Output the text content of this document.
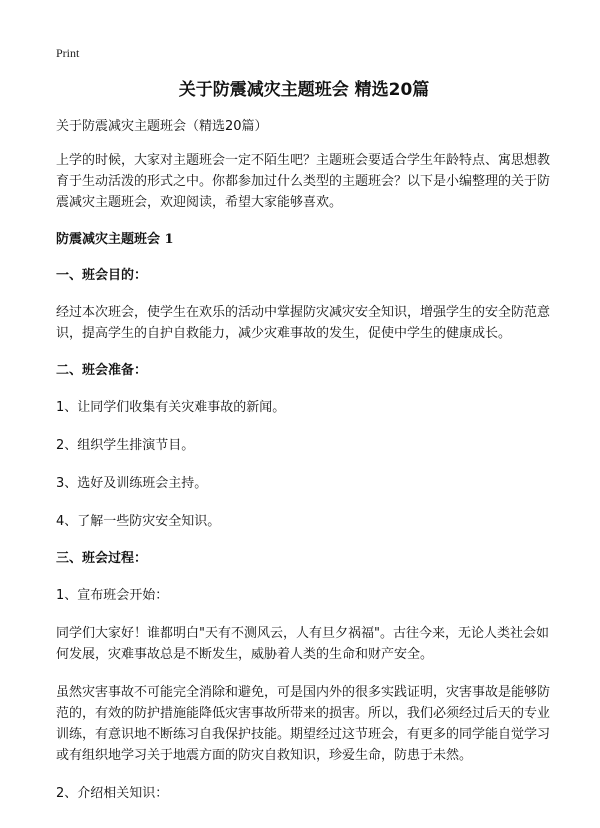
Print
关于防震减灾主题班会 精选20篇
关于防震减灾主题班会（精选20篇）

上学的时候，大家对主题班会一定不陌生吧？主题班会要适合学生年龄特点、寓思想教育于生动活泼的形式之中。你都参加过什么类型的主题班会？以下是小编整理的关于防震减灾主题班会，欢迎阅读，希望大家能够喜欢。

防震减灾主题班会 1
一、班会目的：

经过本次班会，使学生在欢乐的活动中掌握防灾减灾安全知识，增强学生的安全防范意识，提高学生的自护自救能力，减少灾难事故的发生，促使中学生的健康成长。

二、班会准备：

1、让同学们收集有关灾难事故的新闻。

2、组织学生排演节目。

3、选好及训练班会主持。

4、了解一些防灾安全知识。

三、班会过程：

1、宣布班会开始：

同学们大家好！谁都明白"天有不测风云，人有旦夕祸福"。古往今来，无论人类社会如何发展，灾难事故总是不断发生，威胁着人类的生命和财产安全。

虽然灾害事故不可能完全消除和避免，可是国内外的很多实践证明，灾害事故是能够防范的，有效的防护措施能降低灾害事故所带来的损害。所以，我们必须经过后天的专业训练，有意识地不断练习自我保护技能。期望经过这节班会，有更多的同学能自觉学习或有组织地学习关于地震方面的防灾自救知识，珍爱生命，防患于未然。

2、介绍相关知识：
